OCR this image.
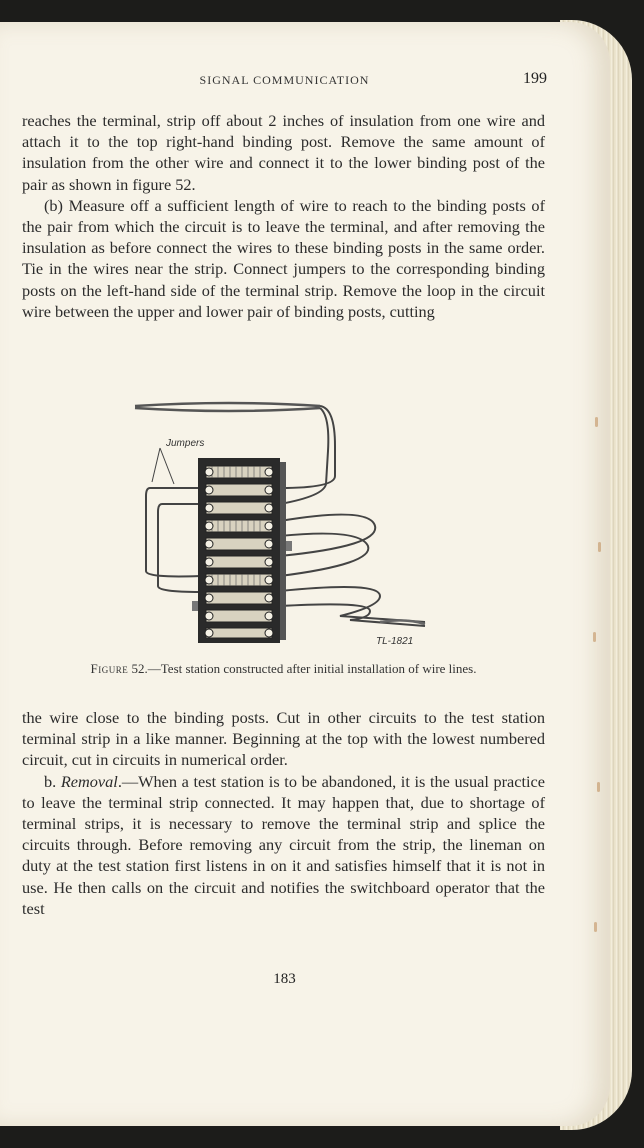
SIGNAL COMMUNICATION	199

reaches the terminal, strip off about 2 inches of insulation from one wire and attach it to the top right-hand binding post. Remove the same amount of insulation from the other wire and connect it to the lower binding post of the pair as shown in figure 52.

(b) Measure off a sufficient length of wire to reach to the binding posts of the pair from which the circuit is to leave the terminal, and after removing the insulation as before connect the wires to these binding posts in the same order. Tie in the wires near the strip. Connect jumpers to the corresponding binding posts on the left-hand side of the terminal strip. Remove the loop in the circuit wire between the upper and lower pair of binding posts, cutting

Jumpers
TL-1821
Figure 52.—Test station constructed after initial installation of wire lines.

the wire close to the binding posts. Cut in other circuits to the test station terminal strip in a like manner. Beginning at the top with the lowest numbered circuit, cut in circuits in numerical order.

b. Removal.—When a test station is to be abandoned, it is the usual practice to leave the terminal strip connected. It may happen that, due to shortage of terminal strips, it is necessary to remove the terminal strip and splice the circuits through. Before removing any circuit from the strip, the lineman on duty at the test station first listens in on it and satisfies himself that it is not in use. He then calls on the circuit and notifies the switchboard operator that the test

183
